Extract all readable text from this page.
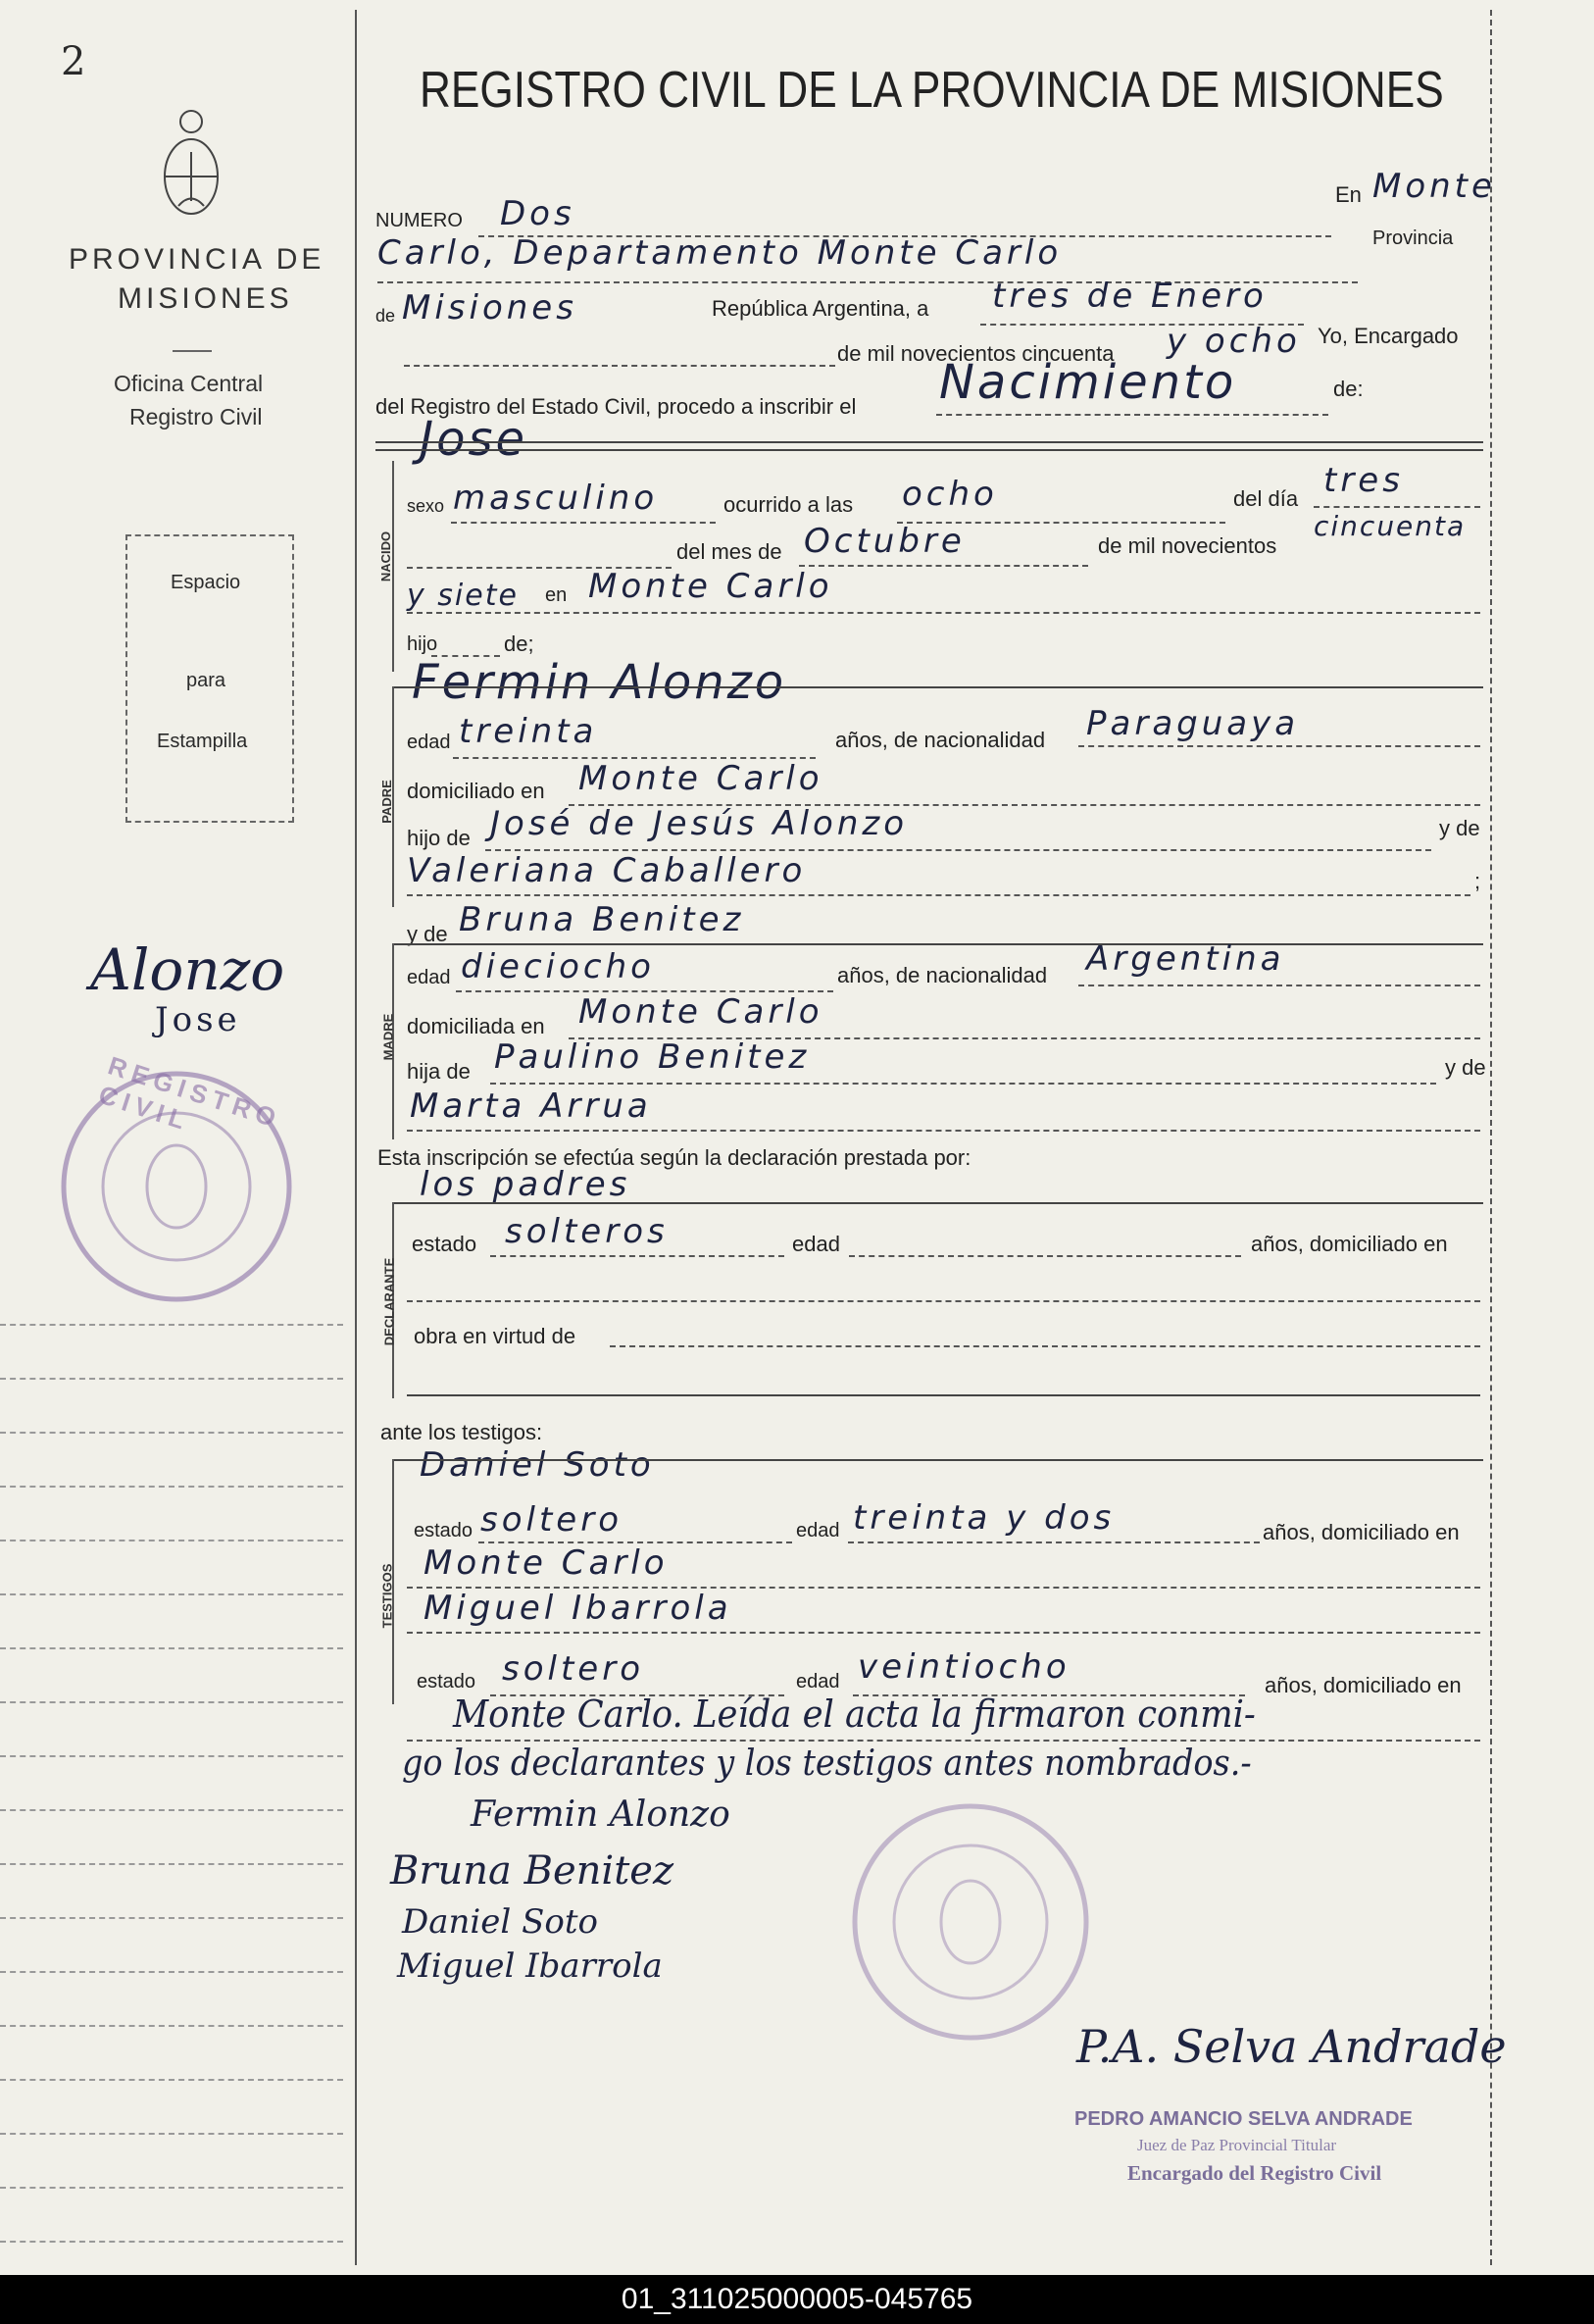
2
PROVINCIA DE
MISIONES
Oficina Central
Registro Civil
Espacio
para
Estampilla
Alonzo
Jose
REGISTRO CIVIL
REGISTRO CIVIL DE LA PROVINCIA DE MISIONES
NUMERO Dos	En Monte
Carlo, Departamento Monte Carlo	Provincia
de Misiones	República Argentina, a tres de Enero
de mil novecientos cincuenta y ocho Yo, Encargado
del Registro del Estado Civil, procedo a inscribir el Nacimiento	de:
Jose
NACIDO
sexo masculino	ocurrido a las ocho	del día tres
del mes de Octubre	de mil novecientos
cincuenta
y siete en Monte Carlo
hijo	de;
Fermin Alonzo
PADRE
edad treinta	años, de nacionalidad Paraguaya
domiciliado en Monte Carlo
hijo de José de Jesús Alonzo	y de
Valeriana Caballero	;
y de Bruna Benitez
MADRE
edad dieciocho	años, de nacionalidad Argentina
domiciliada en Monte Carlo
hija de Paulino Benitez	y de
Marta Arrua
Esta inscripción se efectúa según la declaración prestada por:
los padres
DECLARANTE
estado solteros	edad	años, domiciliado en
obra en virtud de
ante los testigos:
Daniel Soto
TESTIGOS
estado soltero	edad treinta y dos	años, domiciliado en
Monte Carlo
Miguel Ibarrola
estado soltero	edad veintiocho	años, domiciliado en
Monte Carlo. Leída el acta la firmaron conmi-
go los declarantes y los testigos antes nombrados.-
Fermin Alonzo
Bruna Benitez
Daniel Soto
Miguel Ibarrola
P.A. Selva Andrade
PEDRO AMANCIO SELVA ANDRADE
Juez de Paz Provincial Titular
Encargado del Registro Civil
01_311025000005-045765
